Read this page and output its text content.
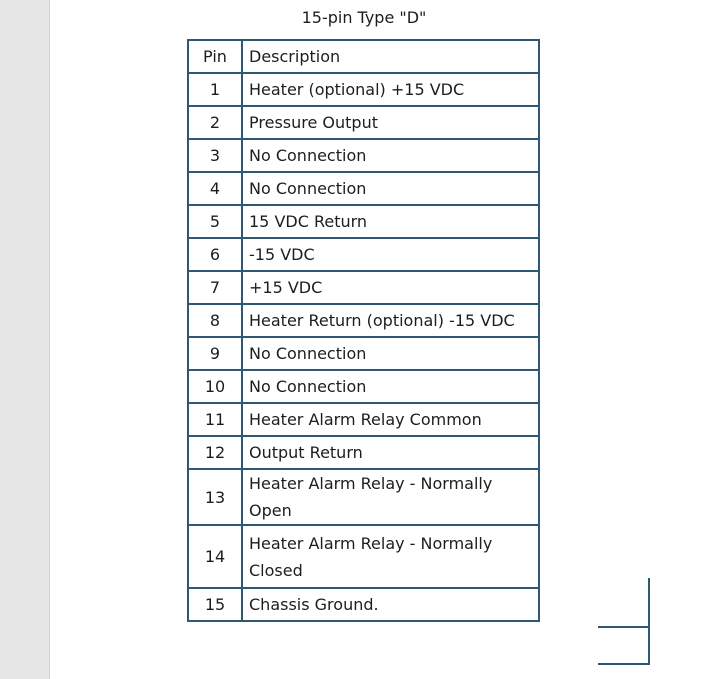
15-pin Type "D"
Pin	Description
1	Heater (optional) +15 VDC
2	Pressure Output
3	No Connection
4	No Connection
5	15 VDC Return
6	-15 VDC
7	+15 VDC
8	Heater Return (optional) -15 VDC
9	No Connection
10	No Connection
11	Heater Alarm Relay Common
12	Output Return
13	Heater Alarm Relay - Normally Open
14	Heater Alarm Relay - Normally Closed
15	Chassis Ground.
